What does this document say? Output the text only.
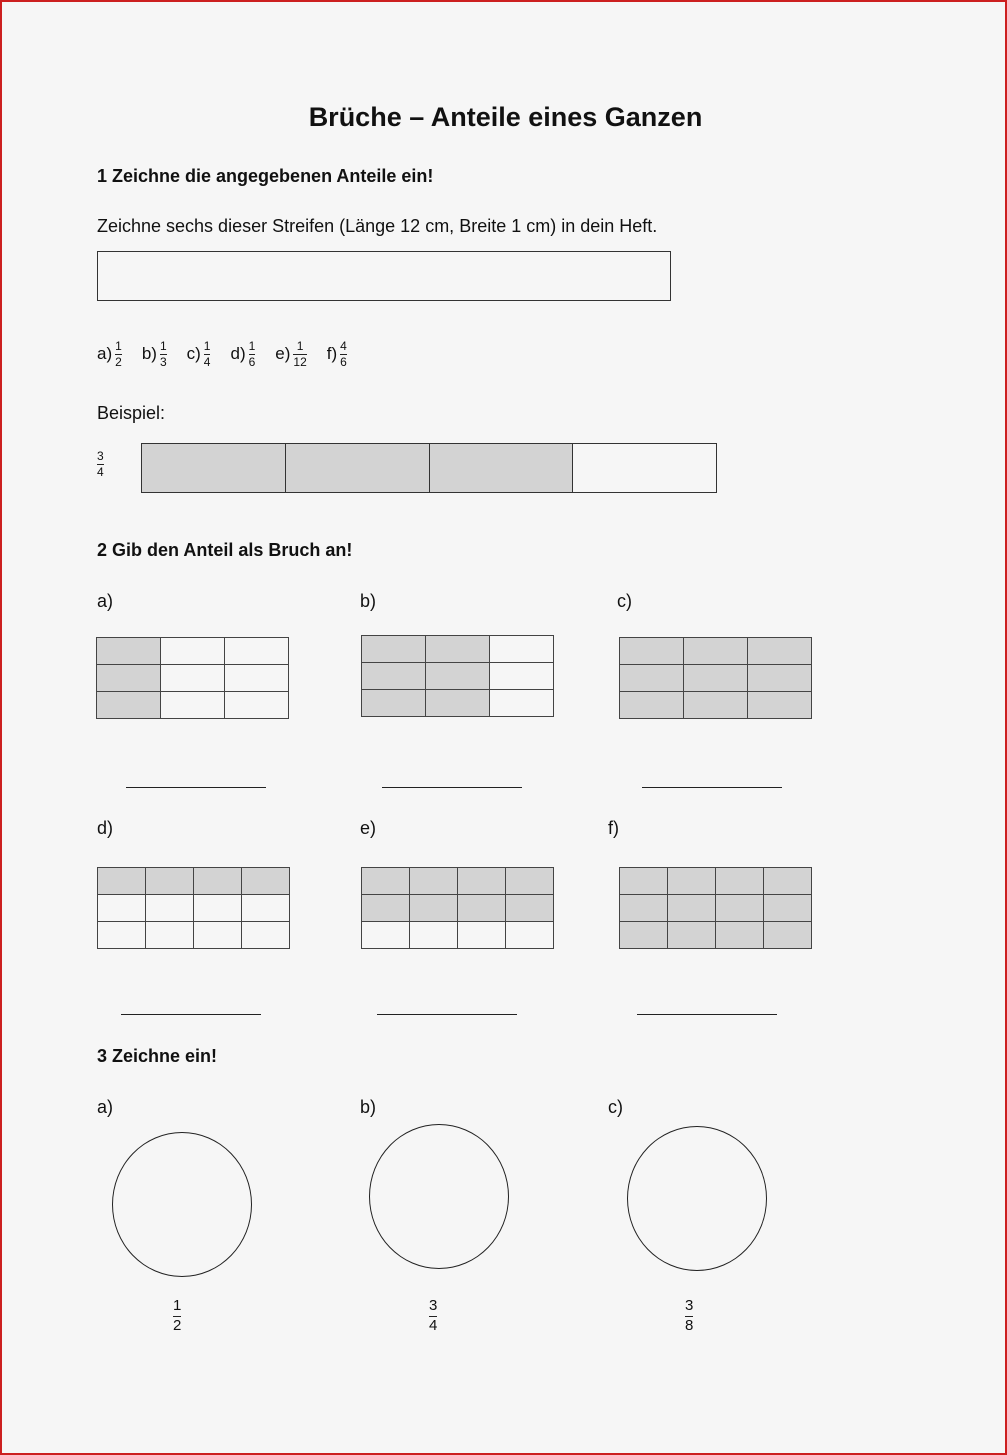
Brüche – Anteile eines Ganzen
1 Zeichne die angegebenen Anteile ein!
Zeichne sechs dieser Streifen (Länge 12 cm, Breite 1 cm) in dein Heft.
$a) \frac{1}{2} b) \frac{1}{3} c) \frac{1}{4} d) \frac{1}{6} e) \frac{1}{12} f) \frac{4}{6}$
Beispiel:
$\frac{3}{4}$
2 Gib den Anteil als Bruch an!
a)

			b)

			c)

d)

				e)

				f)

3 Zeichne ein!
a)
$\frac{1}{2}$
b)
$\frac{3}{4}$
c)
$\frac{3}{8}$
